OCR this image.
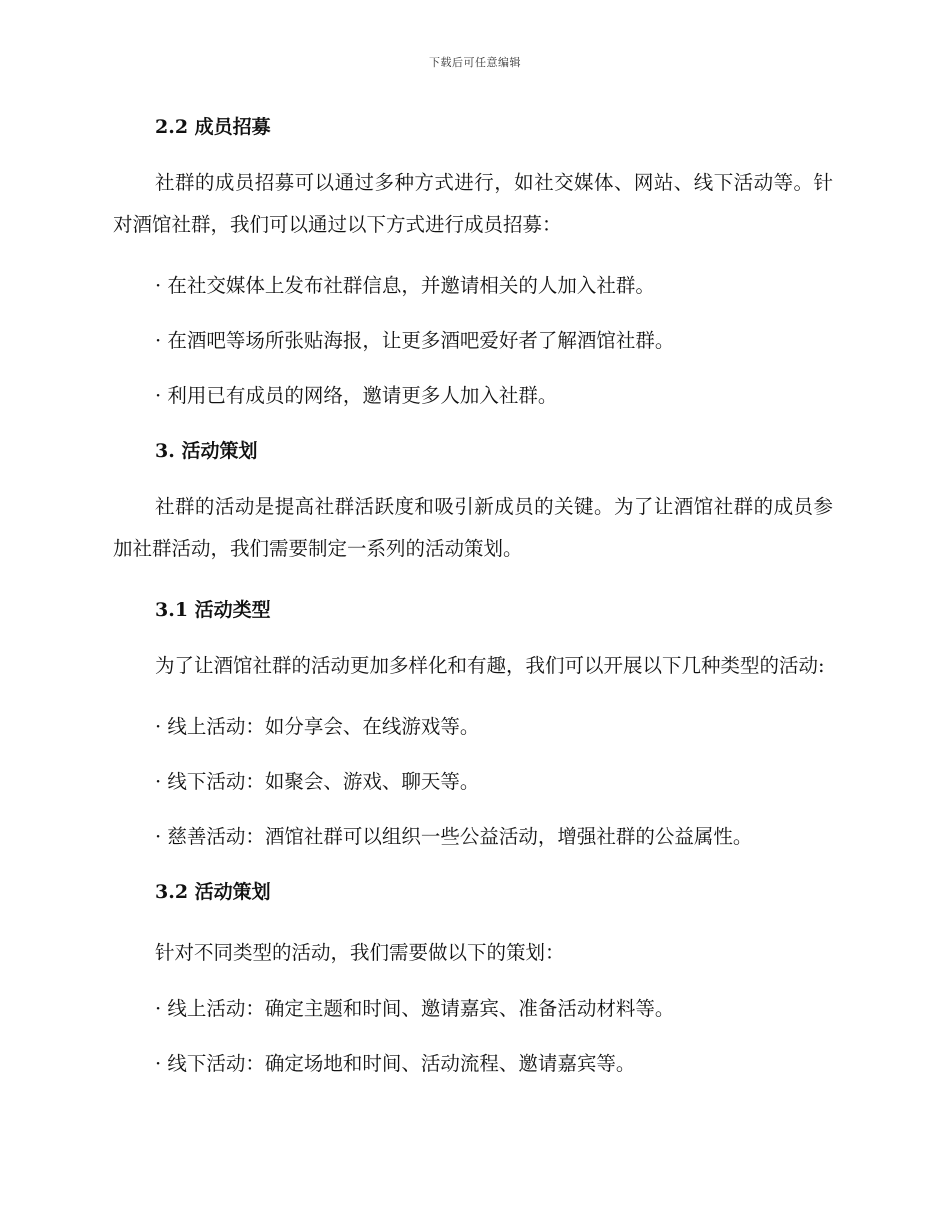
下载后可任意编辑
2.2 成员招募

社群的成员招募可以通过多种方式进行，如社交媒体、网站、线下活动等。针对酒馆社群，我们可以通过以下方式进行成员招募：

· 在社交媒体上发布社群信息，并邀请相关的人加入社群。

· 在酒吧等场所张贴海报，让更多酒吧爱好者了解酒馆社群。

· 利用已有成员的网络，邀请更多人加入社群。

3. 活动策划

社群的活动是提高社群活跃度和吸引新成员的关键。为了让酒馆社群的成员参加社群活动，我们需要制定一系列的活动策划。

3.1 活动类型

为了让酒馆社群的活动更加多样化和有趣，我们可以开展以下几种类型的活动:

· 线上活动：如分享会、在线游戏等。

· 线下活动：如聚会、游戏、聊天等。

· 慈善活动：酒馆社群可以组织一些公益活动，增强社群的公益属性。

3.2 活动策划

针对不同类型的活动，我们需要做以下的策划：

· 线上活动：确定主题和时间、邀请嘉宾、准备活动材料等。

· 线下活动：确定场地和时间、活动流程、邀请嘉宾等。
